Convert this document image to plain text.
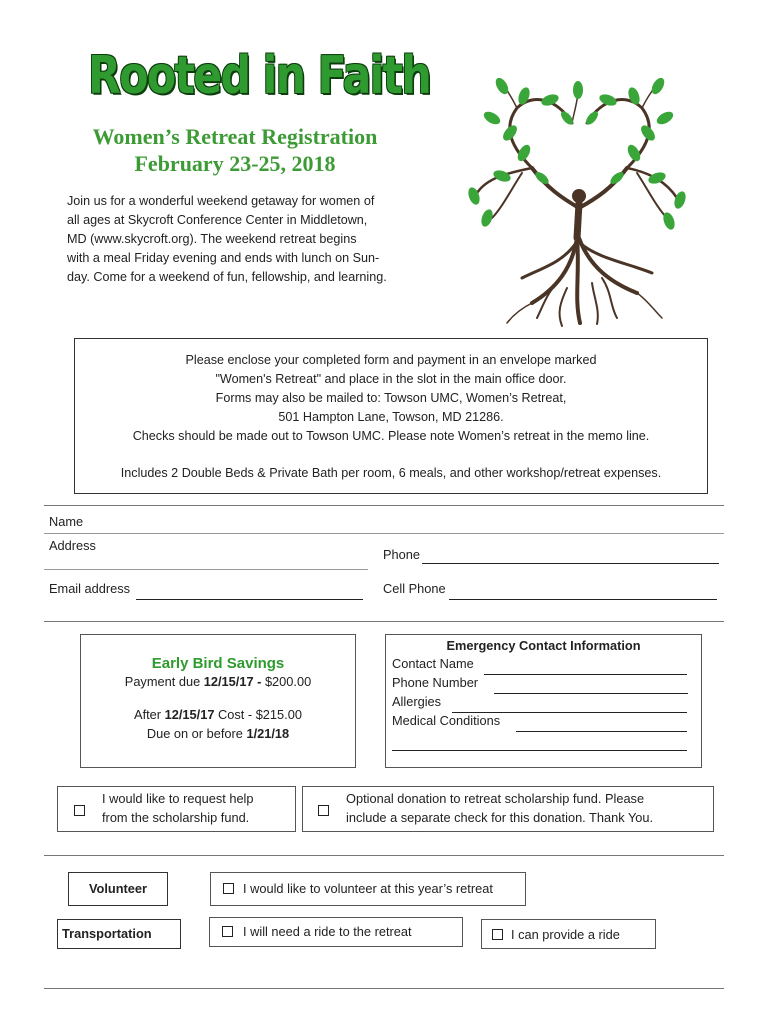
Rooted in Faith
Women’s Retreat Registration
February 23-25, 2018
Join us for a wonderful weekend getaway for women of
all ages at Skycroft Conference Center in Middletown,
MD (www.skycroft.org). The weekend retreat begins
with a meal Friday evening and ends with lunch on Sun-
day. Come for a weekend of fun, fellowship, and learning.
Please enclose your completed form and payment in an envelope marked
"Women's Retreat" and place in the slot in the main office door.
Forms may also be mailed to: Towson UMC, Women’s Retreat,
501 Hampton Lane, Towson, MD 21286.
Checks should be made out to Towson UMC. Please note Women’s retreat in the memo line.
Includes 2 Double Beds & Private Bath per room, 6 meals, and other workshop/retreat expenses.
Name
Address
Phone
Email address	Cell Phone
Early Bird Savings
Payment due 12/15/17 - $200.00
After 12/15/17 Cost - $215.00
Due on or before 1/21/18
Emergency Contact Information
Contact Name
Phone Number
Allergies
Medical Conditions
I would like to request help
from the scholarship fund.
Optional donation to retreat scholarship fund. Please
include a separate check for this donation. Thank You.
Volunteer	I would like to volunteer at this year’s retreat
Transportation	I will need a ride to the retreat	I can provide a ride
